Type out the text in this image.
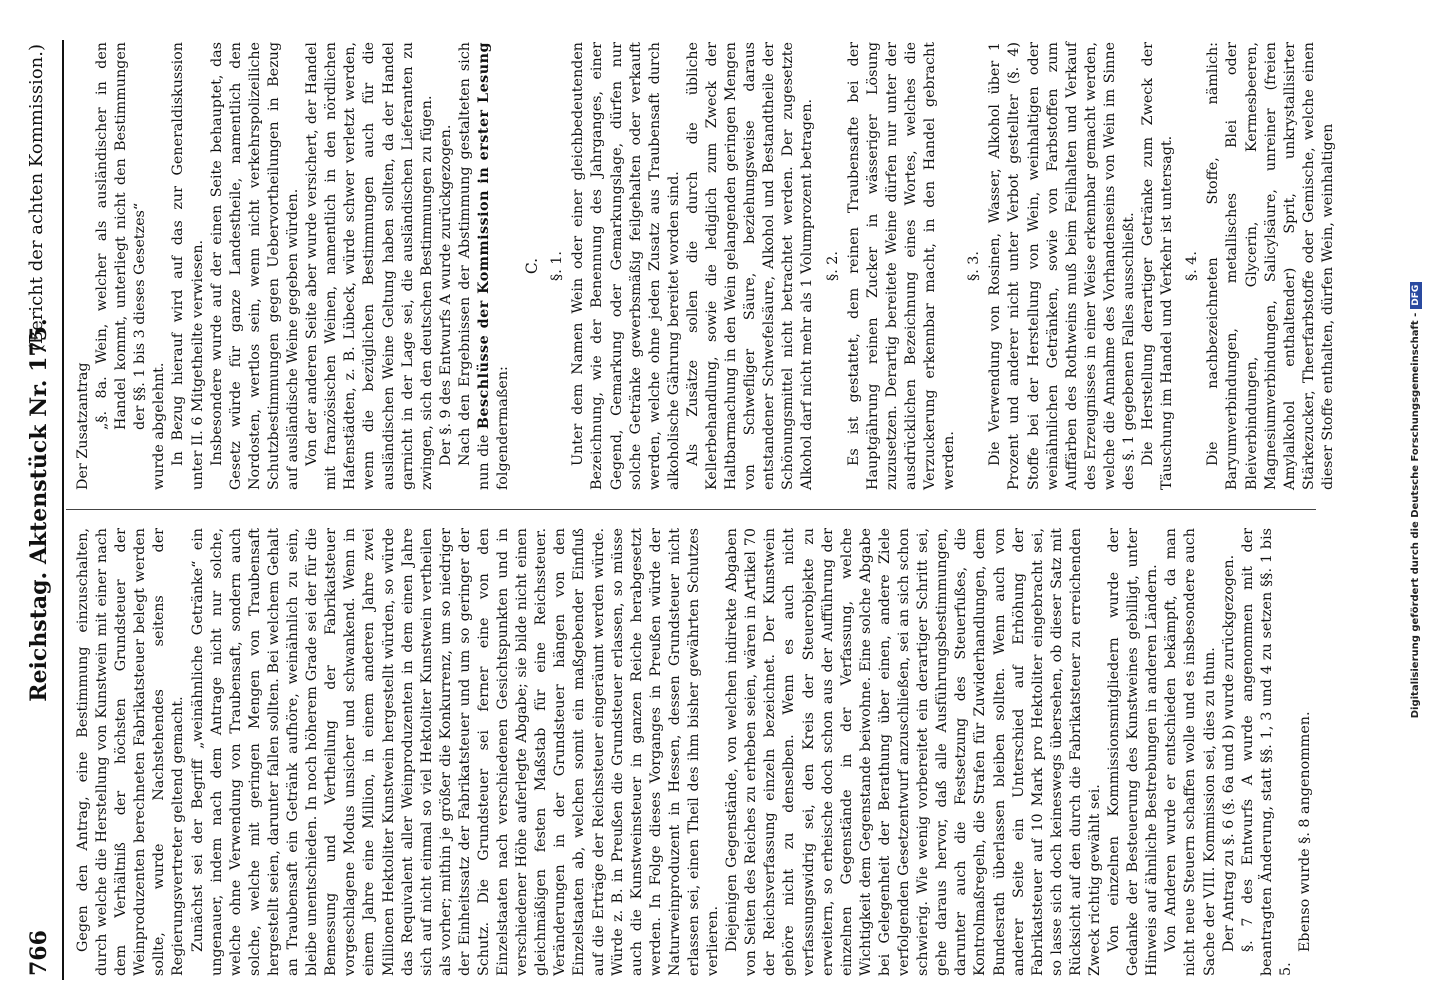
766
Reichstag. Aktenstück Nr. 175.
(Bericht der achten Kommission.)

Gegen den Antrag, eine Bestimmung einzuschalten, durch welche die Herstellung von Kunstwein mit einer nach dem Verhältniß der höchsten Grundsteuer der Weinproduzenten berechneten Fabrikatsteuer belegt werden sollte, wurde Nachstehendes seitens der Regierungsvertreter geltend gemacht. Zunächst sei der Begriff „weinähnliche Getränke“ ein ungenauer, indem nach dem Antrage nicht nur solche, welche ohne Verwendung von Traubensaft, sondern auch solche, welche mit geringen Mengen von Traubensaft hergestellt seien, darunter fallen sollten. Bei welchem Gehalt an Traubensaft ein Getränk aufhöre, weinähnlich zu sein, bleibe unentschieden. In noch höherem Grade sei der für die Bemessung und Vertheilung der Fabrikatsteuer vorgeschlagene Modus unsicher und schwankend. Wenn in einem Jahre eine Million, in einem anderen Jahre zwei Millionen Hektoliter Kunstwein hergestellt würden, so würde das Requivalent aller Weinproduzenten in dem einen Jahre sich auf nicht einmal so viel Hektoliter Kunstwein vertheilen als vorher; mithin je größer die Konkurrenz, um so niedriger der Einheitssatz der Fabrikatsteuer und um so geringer der Schutz. Die Grundsteuer sei ferner eine von den Einzelstaaten nach verschiedenen Gesichtspunkten und in verschiedener Höhe auferlegte Abgabe; sie bilde nicht einen gleichmäßigen festen Maßstab für eine Reichssteuer. Veränderungen in der Grundsteuer hängen von den Einzelstaaten ab, welchen somit ein maßgebender Einfluß auf die Erträge der Reichssteuer eingeräumt werden würde. Würde z. B. in Preußen die Grundsteuer erlassen, so müsse auch die Kunstweinsteuer in ganzen Reiche herabgesetzt werden. In Folge dieses Vorganges in Preußen würde der Naturweinproduzent in Hessen, dessen Grundsteuer nicht erlassen sei, einen Theil des ihm bisher gewährten Schutzes verlieren. Diejenigen Gegenstände, von welchen indirekte Abgaben von Seiten des Reiches zu erheben seien, wären in Artikel 70 der Reichsverfassung einzeln bezeichnet. Der Kunstwein gehöre nicht zu denselben. Wenn es auch nicht verfassungswidrig sei, den Kreis der Steuerobjekte zu erweitern, so erheische doch schon aus der Aufführung der einzelnen Gegenstände in der Verfassung, welche Wichtigkeit dem Gegenstande beiwohne. Eine solche Abgabe bei Gelegenheit der Berathung über einen, andere Ziele verfolgenden Gesetzentwurf anzuschließen, sei an sich schon schwierig. Wie wenig vorbereitet ein derartiger Schritt sei, gehe daraus hervor, daß alle Ausführungsbestimmungen, darunter auch die Festsetzung des Steuerfußes, die Kontrolmaßregeln, die Strafen für Zuwiderhandlungen, dem Bundesrath überlassen bleiben sollten. Wenn auch von anderer Seite ein Unterschied auf Erhöhung der Fabrikatsteuer auf 10 Mark pro Hektoliter eingebracht sei, so lasse sich doch keineswegs übersehen, ob dieser Satz mit Rücksicht auf den durch die Fabrikatsteuer zu erreichenden Zweck richtig gewählt sei. Von einzelnen Kommissionsmitgliedern wurde der Gedanke der Besteuerung des Kunstweines gebilligt, unter Hinweis auf ähnliche Bestrebungen in anderen Ländern. Von Anderen wurde er entschieden bekämpft, da man nicht neue Steuern schaffen wolle und es insbesondere auch Sache der VIII. Kommission sei, dies zu thun. Der Antrag zu §. 6 (§. 6a und b) wurde zurückgezogen. §. 7 des Entwurfs A wurde angenommen mit der beantragten Änderung, statt §§. 1, 3 und 4 zu setzen §§. 1 bis 5.

Ebenso wurde §. 8 angenommen.

Der Zusatzantrag „§. 8a. Wein, welcher als ausländischer in den Handel kommt, unterliegt nicht den Bestimmungen der §§. 1 bis 3 dieses Gesetzes“ wurde abgelehnt. In Bezug hierauf wird auf das zur Generaldiskussion unter II. 6 Mitgetheilte verwiesen. Insbesondere wurde auf der einen Seite behauptet, das Gesetz würde für ganze Landestheile, namentlich den Nordosten, wertlos sein, wenn nicht verkehrspolizeiliche Schutzbestimmungen gegen Uebervortheilungen in Bezug auf ausländische Weine gegeben würden. Von der anderen Seite aber wurde versichert, der Handel mit französischen Weinen, namentlich in den nördlichen Hafenstädten, z. B. Lübeck, würde schwer verletzt werden, wenn die bezüglichen Bestimmungen auch für die ausländischen Weine Geltung haben sollten, da der Handel garnicht in der Lage sei, die ausländischen Lieferanten zu zwingen, sich den deutschen Bestimmungen zu fügen. Der §. 9 des Entwurfs A wurde zurückgezogen. Nach den Ergebnissen der Abstimmung gestalteten sich nun die Beschlüsse der Kommission in erster Lesung folgendermaßen:

C. §. 1. Unter dem Namen Wein oder einer gleichbedeutenden Bezeichnung, wie der Benennung des Jahrganges, einer Gegend, Gemarkung oder Gemarkungslage, dürfen nur solche Getränke gewerbsmäßig feilgehalten oder verkauft werden, welche ohne jeden Zusatz aus Traubensaft durch alkoholische Gährung bereitet worden sind. Als Zusätze sollen die durch die übliche Kellerbehandlung, sowie die lediglich zum Zweck der Haltbarmachung in den Wein gelangenden geringen Mengen von Schwefliger Säure, beziehungsweise daraus entstandener Schwefelsäure, Alkohol und Bestandtheile der Schönungsmittel nicht betrachtet werden. Der zugesetzte Alkohol darf nicht mehr als 1 Volumprozent betragen. §. 2. Es ist gestattet, dem reinen Traubensafte bei der Hauptgährung reinen Zucker in wässeriger Lösung zuzusetzen. Derartig bereitete Weine dürfen nur unter der ausdrücklichen Bezeichnung eines Wortes, welches die Verzuckerung erkennbar macht, in den Handel gebracht werden.

§. 3. Die Verwendung von Rosinen, Wasser, Alkohol über 1 Prozent und anderer nicht unter Verbot gestellter (§. 4) Stoffe bei der Herstellung von Wein, weinhaltigen oder weinähnlichen Getränken, sowie von Farbstoffen zum Auffärben des Rothweins muß beim Feilhalten und Verkauf des Erzeugnisses in einer Weise erkennbar gemacht werden, welche die Annahme des Vorhandenseins von Wein im Sinne des §. 1 gegebenen Falles ausschließt. Die Herstellung derartiger Getränke zum Zweck der Täuschung im Handel und Verkehr ist untersagt. §. 4. Die nachbezeichneten Stoffe, nämlich: Baryumverbindungen, metallisches Blei oder Bleiverbindungen, Glycerin, Kermesbeeren, Magnesiumverbindungen, Salicylsäure, unreiner (freien Amylalkohol enthaltender) Sprit, unkrystallisirter Stärkezucker, Theerfarbstoffe oder Gemische, welche einen dieser Stoffe enthalten, dürfen Wein, weinhaltigen

Digitalisierung gefördert durch die Deutsche Forschungsgemeinschaft -DFG
